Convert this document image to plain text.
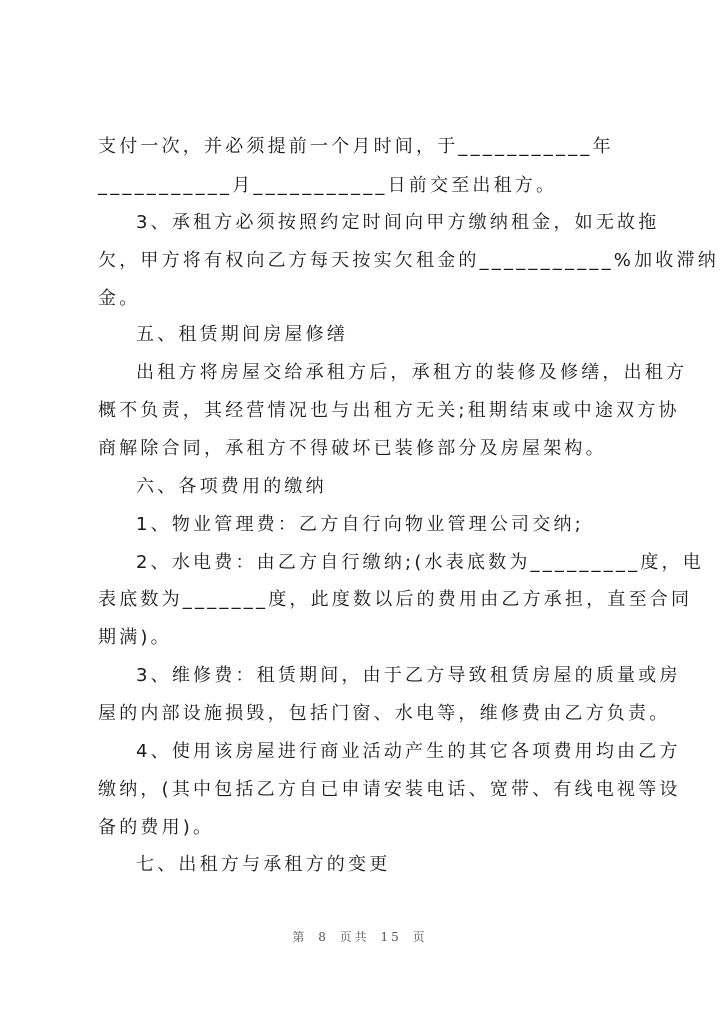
支付一次，并必须提前一个月时间，于___________年
___________月___________日前交至出租方。
3、承租方必须按照约定时间向甲方缴纳租金，如无故拖
欠，甲方将有权向乙方每天按实欠租金的___________%加收滞纳
金。
五、租赁期间房屋修缮
出租方将房屋交给承租方后，承租方的装修及修缮，出租方
概不负责，其经营情况也与出租方无关;租期结束或中途双方协
商解除合同，承租方不得破坏已装修部分及房屋架构。
六、各项费用的缴纳
1、物业管理费：乙方自行向物业管理公司交纳;
2、水电费：由乙方自行缴纳;(水表底数为_________度，电
表底数为_______度，此度数以后的费用由乙方承担，直至合同
期满)。
3、维修费：租赁期间，由于乙方导致租赁房屋的质量或房
屋的内部设施损毁，包括门窗、水电等，维修费由乙方负责。
4、使用该房屋进行商业活动产生的其它各项费用均由乙方
缴纳，(其中包括乙方自已申请安装电话、宽带、有线电视等设
备的费用)。
七、出租方与承租方的变更
第 8 页共 15 页
